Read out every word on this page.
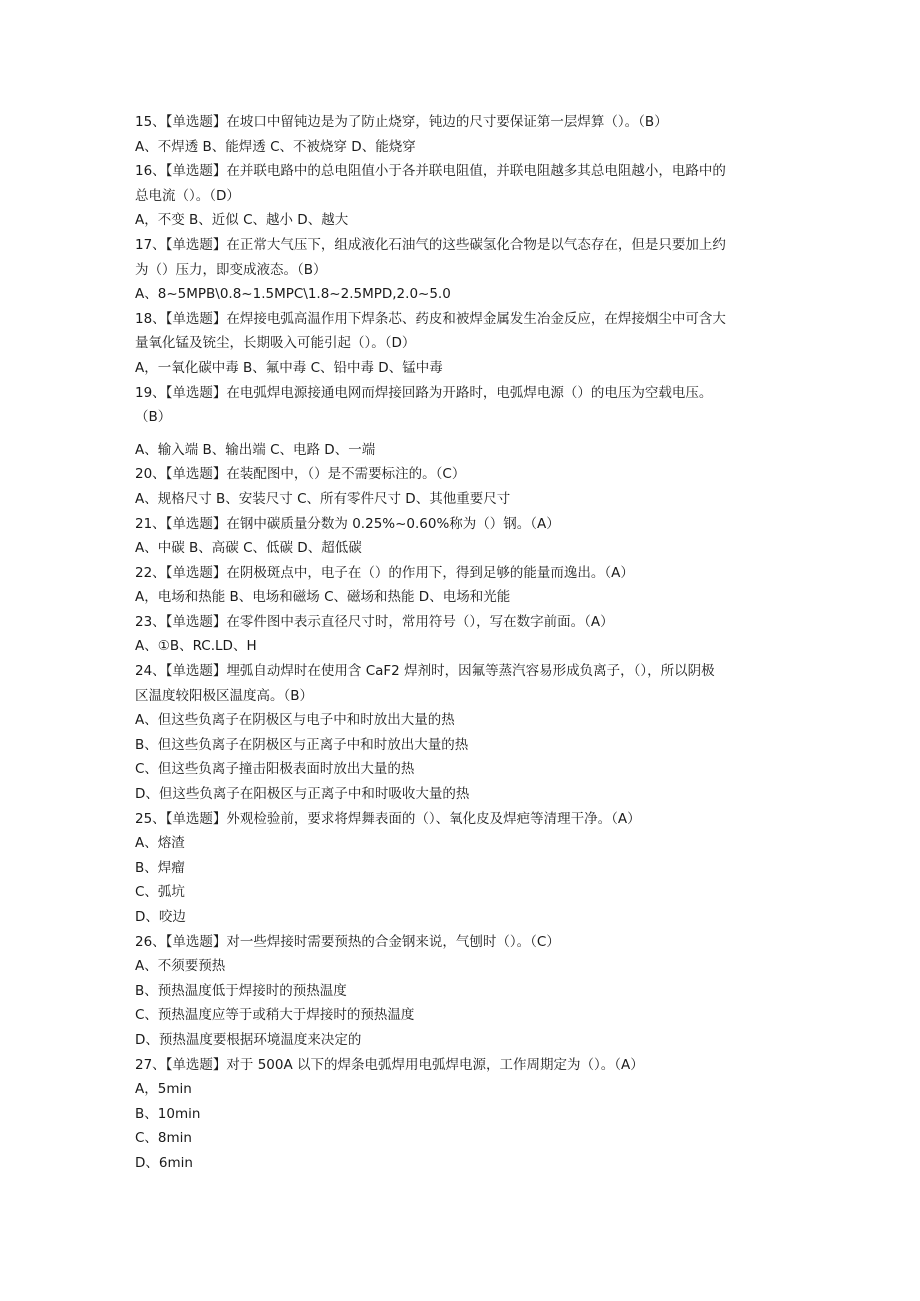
15、【单选题】在坡口中留钝边是为了防止烧穿，钝边的尺寸要保证第一层焊算（）。（B）
A、不焊透 B、能焊透 C、不被烧穿 D、能烧穿
16、【单选题】在并联电路中的总电阻值小于各并联电阻值，并联电阻越多其总电阻越小，电路中的
总电流（）。（D）
A，不变 B、近似 C、越小 D、越大
17、【单选题】在正常大气压下，组成液化石油气的这些碳氢化合物是以气态存在，但是只要加上约
为（）压力，即变成液态。（B）
A、8~5MPB\0.8~1.5MPC\1.8~2.5MPD,2.0~5.0
18、【单选题】在焊接电弧高温作用下焊条芯、药皮和被焊金属发生冶金反应，在焊接烟尘中可含大
量氧化锰及铳尘，长期吸入可能引起（）。（D）
A，一氧化碳中毒 B、氟中毒 C、铅中毒 D、锰中毒
19、【单选题】在电弧焊电源接通电网而焊接回路为开路时，电弧焊电源（）的电压为空载电压。
（B）
A、输入端 B、输出端 C、电路 D、一端
20、【单选题】在装配图中，（）是不需要标注的。（C）
A、规格尺寸 B、安装尺寸 C、所有零件尺寸 D、其他重要尺寸
21、【单选题】在钢中碳质量分数为 0.25%~0.60%称为（）钢。（A）
A、中碳 B、高碳 C、低碳 D、超低碳
22、【单选题】在阴极斑点中，电子在（）的作用下，得到足够的能量而逸出。（A）
A，电场和热能 B、电场和磁场 C、磁场和热能 D、电场和光能
23、【单选题】在零件图中表示直径尺寸时，常用符号（），写在数字前面。（A）
A、①B、RC.LD、H
24、【单选题】埋弧自动焊时在使用含 CaF2 焊剂时，因氟等蒸汽容易形成负离子，（），所以阴极
区温度较阳极区温度高。（B）
A、但这些负离子在阴极区与电子中和时放出大量的热
B、但这些负离子在阴极区与正离子中和时放出大量的热
C、但这些负离子撞击阳极表面时放出大量的热
D、但这些负离子在阳极区与正离子中和时吸收大量的热
25、【单选题】外观检验前，要求将焊舞表面的（）、氧化皮及焊疤等清理干净。（A）
A、熔渣
B、焊瘤
C、弧坑
D、咬边
26、【单选题】对一些焊接时需要预热的合金钢来说，气刨时（）。（C）
A、不须要预热
B、预热温度低于焊接时的预热温度
C、预热温度应等于或稍大于焊接时的预热温度
D、预热温度要根据环境温度来决定的
27、【单选题】对于 500A 以下的焊条电弧焊用电弧焊电源，工作周期定为（）。（A）
A，5min
B、10min
C、8min
D、6min
